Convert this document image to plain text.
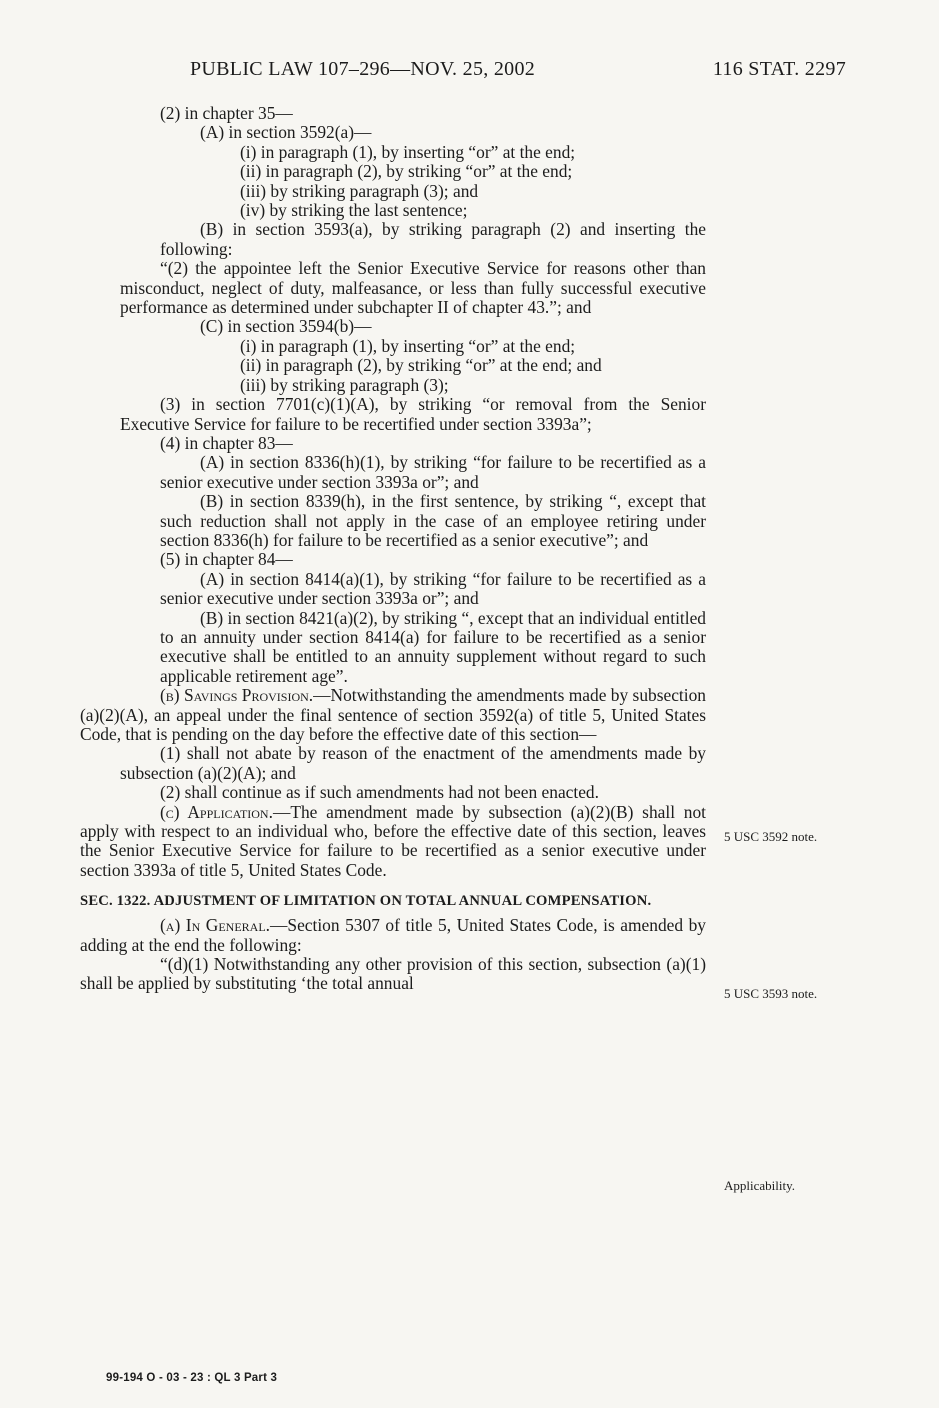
PUBLIC LAW 107–296—NOV. 25, 2002	116 STAT. 2297

(2) in chapter 35—

(A) in section 3592(a)—

(i) in paragraph (1), by inserting “or” at the end;

(ii) in paragraph (2), by striking “or” at the end;

(iii) by striking paragraph (3); and

(iv) by striking the last sentence;

(B) in section 3593(a), by striking paragraph (2) and inserting the following:

“(2) the appointee left the Senior Executive Service for reasons other than misconduct, neglect of duty, malfeasance, or less than fully successful executive performance as determined under subchapter II of chapter 43.”; and

(C) in section 3594(b)—

(i) in paragraph (1), by inserting “or” at the end;

(ii) in paragraph (2), by striking “or” at the end; and

(iii) by striking paragraph (3);

(3) in section 7701(c)(1)(A), by striking “or removal from the Senior Executive Service for failure to be recertified under section 3393a”;

(4) in chapter 83—

(A) in section 8336(h)(1), by striking “for failure to be recertified as a senior executive under section 3393a or”; and

(B) in section 8339(h), in the first sentence, by striking “, except that such reduction shall not apply in the case of an employee retiring under section 8336(h) for failure to be recertified as a senior executive”; and

(5) in chapter 84—

(A) in section 8414(a)(1), by striking “for failure to be recertified as a senior executive under section 3393a or”; and

(B) in section 8421(a)(2), by striking “, except that an individual entitled to an annuity under section 8414(a) for failure to be recertified as a senior executive shall be entitled to an annuity supplement without regard to such applicable retirement age”.

(b) Savings Provision.—Notwithstanding the amendments made by subsection (a)(2)(A), an appeal under the final sentence of section 3592(a) of title 5, United States Code, that is pending on the day before the effective date of this section—

(1) shall not abate by reason of the enactment of the amendments made by subsection (a)(2)(A); and

(2) shall continue as if such amendments had not been enacted.

(c) Application.—The amendment made by subsection (a)(2)(B) shall not apply with respect to an individual who, before the effective date of this section, leaves the Senior Executive Service for failure to be recertified as a senior executive under section 3393a of title 5, United States Code.

SEC. 1322. ADJUSTMENT OF LIMITATION ON TOTAL ANNUAL COMPENSATION.

(a) In General.—Section 5307 of title 5, United States Code, is amended by adding at the end the following:

“(d)(1) Notwithstanding any other provision of this section, subsection (a)(1) shall be applied by substituting ‘the total annual

5 USC 3592 note.
5 USC 3593 note.
Applicability.
99-194 O - 03 - 23 : QL 3 Part 3
